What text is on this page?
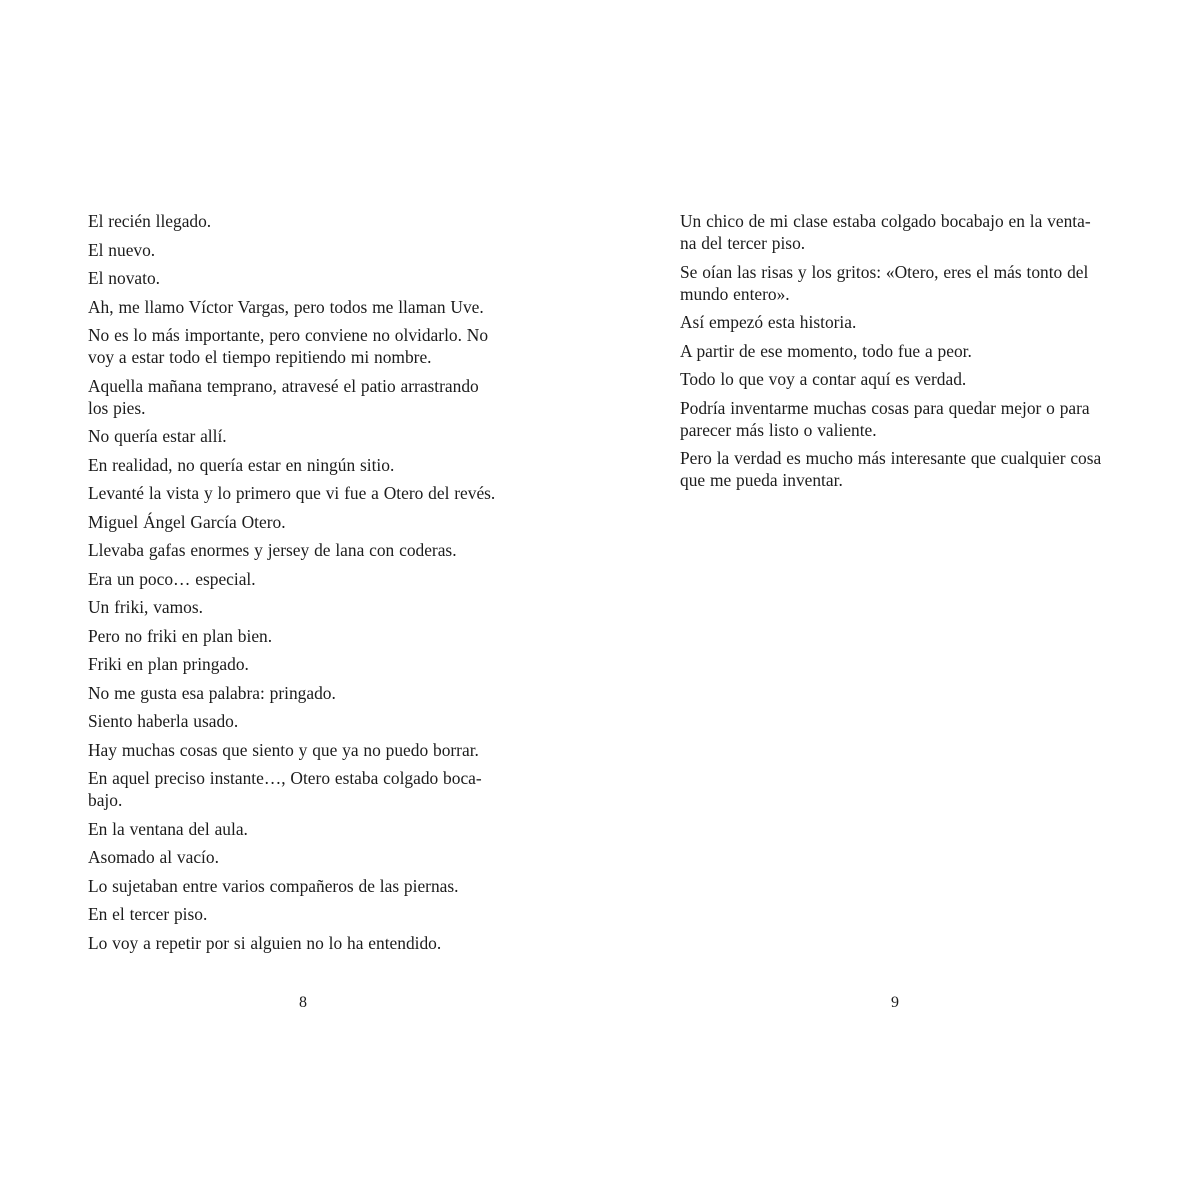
El recién llegado.

El nuevo.

El novato.

Ah, me llamo Víctor Vargas, pero todos me llaman Uve.

No es lo más importante, pero conviene no olvidarlo. No
voy a estar todo el tiempo repitiendo mi nombre.

Aquella mañana temprano, atravesé el patio arrastrando
los pies.

No quería estar allí.

En realidad, no quería estar en ningún sitio.

Levanté la vista y lo primero que vi fue a Otero del revés.

Miguel Ángel García Otero.

Llevaba gafas enormes y jersey de lana con coderas.

Era un poco… especial.

Un friki, vamos.

Pero no friki en plan bien.

Friki en plan pringado.

No me gusta esa palabra: pringado.

Siento haberla usado.

Hay muchas cosas que siento y que ya no puedo borrar.

En aquel preciso instante…, Otero estaba colgado boca-
bajo.

En la ventana del aula.

Asomado al vacío.

Lo sujetaban entre varios compañeros de las piernas.

En el tercer piso.

Lo voy a repetir por si alguien no lo ha entendido.

8

Un chico de mi clase estaba colgado bocabajo en la venta-
na del tercer piso.

Se oían las risas y los gritos: «Otero, eres el más tonto del
mundo entero».

Así empezó esta historia.

A partir de ese momento, todo fue a peor.

Todo lo que voy a contar aquí es verdad.

Podría inventarme muchas cosas para quedar mejor o para
parecer más listo o valiente.

Pero la verdad es mucho más interesante que cualquier cosa
que me pueda inventar.

9
